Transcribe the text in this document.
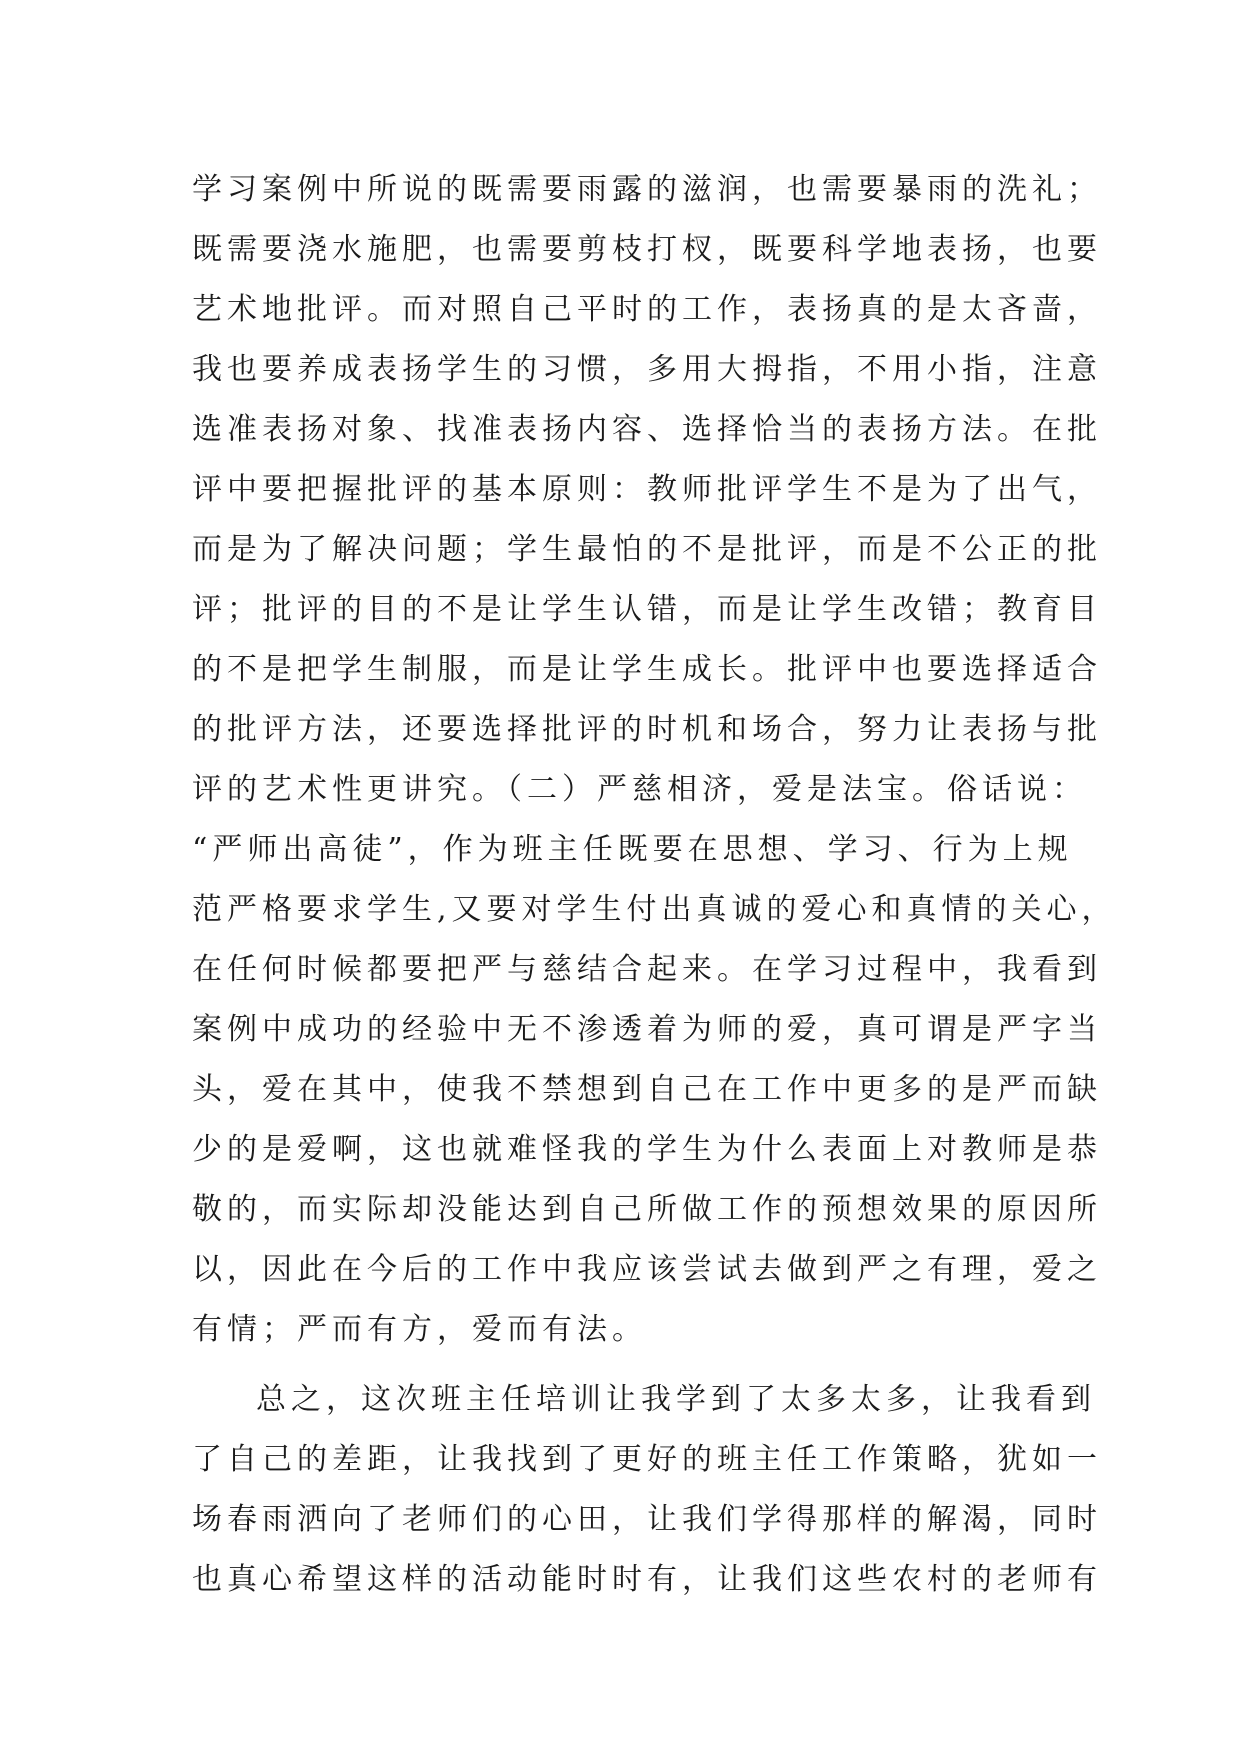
学习案例中所说的既需要雨露的滋润，也需要暴雨的洗礼；
既需要浇水施肥，也需要剪枝打杈，既要科学地表扬，也要
艺术地批评。而对照自己平时的工作，表扬真的是太吝啬，
我也要养成表扬学生的习惯，多用大拇指，不用小指，注意
选准表扬对象、找准表扬内容、选择恰当的表扬方法。在批
评中要把握批评的基本原则：教师批评学生不是为了出气，
而是为了解决问题；学生最怕的不是批评，而是不公正的批
评；批评的目的不是让学生认错，而是让学生改错；教育目
的不是把学生制服，而是让学生成长。批评中也要选择适合
的批评方法，还要选择批评的时机和场合，努力让表扬与批
评的艺术性更讲究。（二）严慈相济，爱是法宝。俗话说：
“严师出高徒”，作为班主任既要在思想、学习、行为上规
范严格要求学生,又要对学生付出真诚的爱心和真情的关心，
在任何时候都要把严与慈结合起来。在学习过程中，我看到
案例中成功的经验中无不渗透着为师的爱，真可谓是严字当
头，爱在其中，使我不禁想到自己在工作中更多的是严而缺
少的是爱啊，这也就难怪我的学生为什么表面上对教师是恭
敬的，而实际却没能达到自己所做工作的预想效果的原因所
以，因此在今后的工作中我应该尝试去做到严之有理，爱之
有情；严而有方，爱而有法。
总之，这次班主任培训让我学到了太多太多，让我看到
了自己的差距，让我找到了更好的班主任工作策略，犹如一
场春雨洒向了老师们的心田，让我们学得那样的解渴，同时
也真心希望这样的活动能时时有，让我们这些农村的老师有
